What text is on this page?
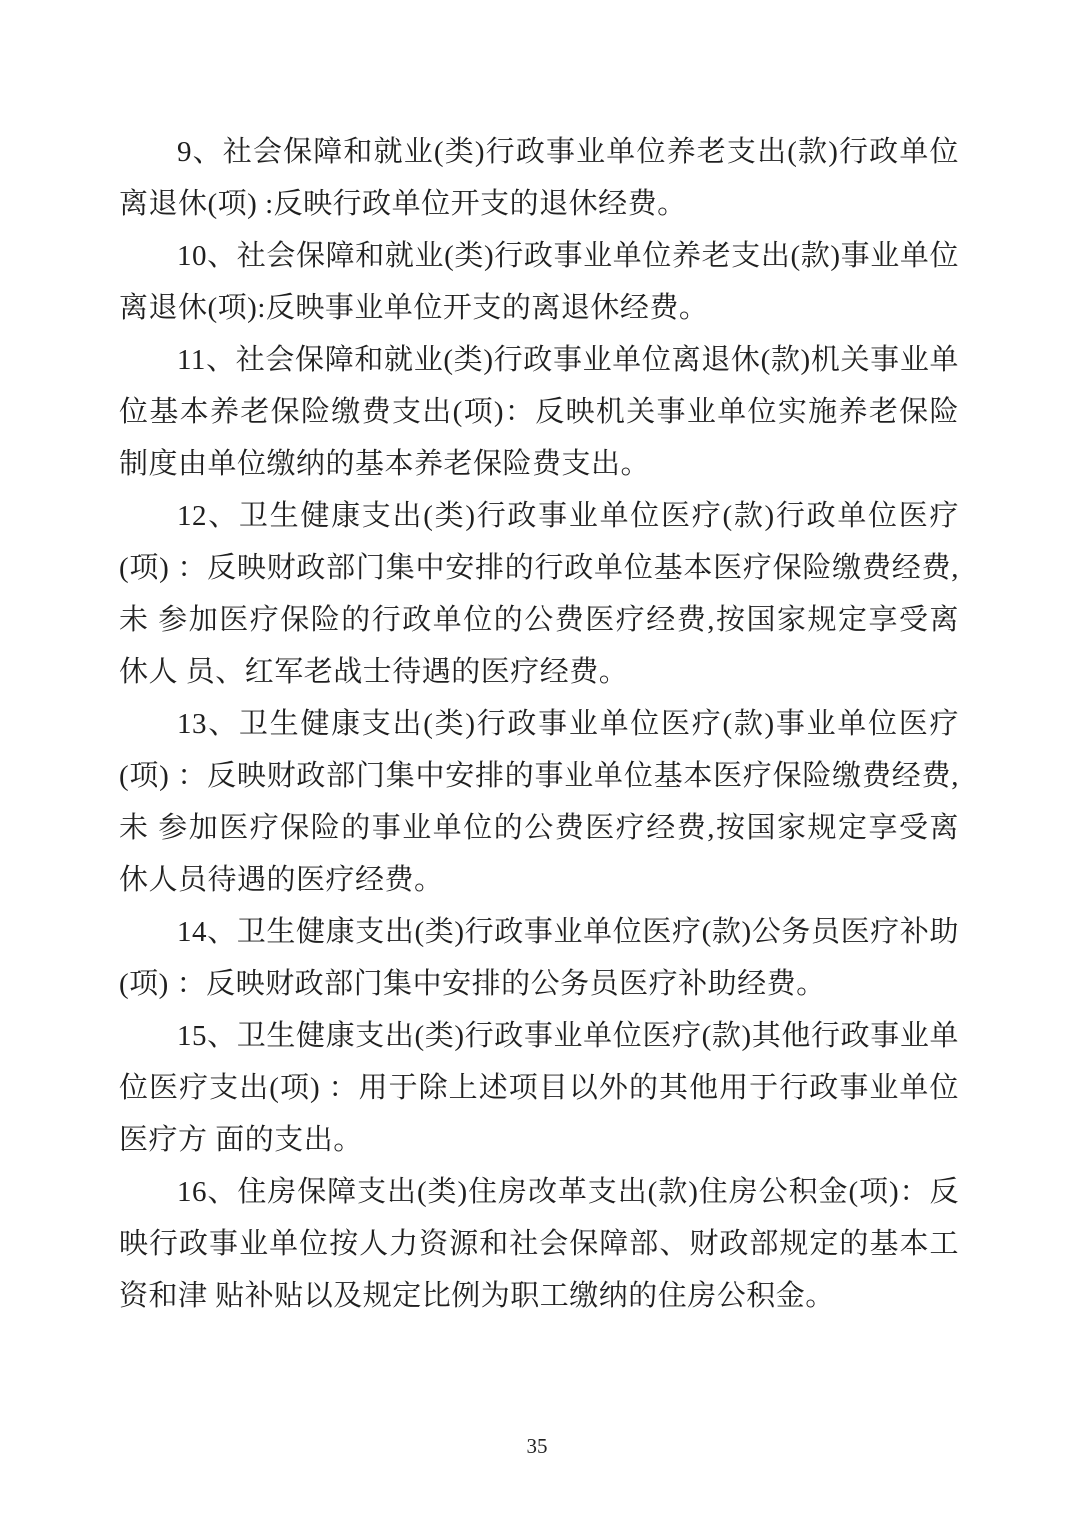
9、社会保障和就业(类)行政事业单位养老支出(款)行政单位离退休(项) :反映行政单位开支的退休经费。

10、社会保障和就业(类)行政事业单位养老支出(款)事业单位离退休(项):反映事业单位开支的离退休经费。

11、社会保障和就业(类)行政事业单位离退休(款)机关事业单位基本养老保险缴费支出(项)：反映机关事业单位实施养老保险制度由单位缴纳的基本养老保险费支出。

12、卫生健康支出(类)行政事业单位医疗(款)行政单位医疗(项) ：反映财政部门集中安排的行政单位基本医疗保险缴费经费,未 参加医疗保险的行政单位的公费医疗经费,按国家规定享受离休人 员、红军老战士待遇的医疗经费。

13、卫生健康支出(类)行政事业单位医疗(款)事业单位医疗(项) ：反映财政部门集中安排的事业单位基本医疗保险缴费经费,未 参加医疗保险的事业单位的公费医疗经费,按国家规定享受离休人员待遇的医疗经费。

14、卫生健康支出(类)行政事业单位医疗(款)公务员医疗补助(项) ：反映财政部门集中安排的公务员医疗补助经费。

15、卫生健康支出(类)行政事业单位医疗(款)其他行政事业单位医疗支出(项) ：用于除上述项目以外的其他用于行政事业单位医疗方 面的支出。

16、住房保障支出(类)住房改革支出(款)住房公积金(项)：反映行政事业单位按人力资源和社会保障部、财政部规定的基本工资和津 贴补贴以及规定比例为职工缴纳的住房公积金。

35
